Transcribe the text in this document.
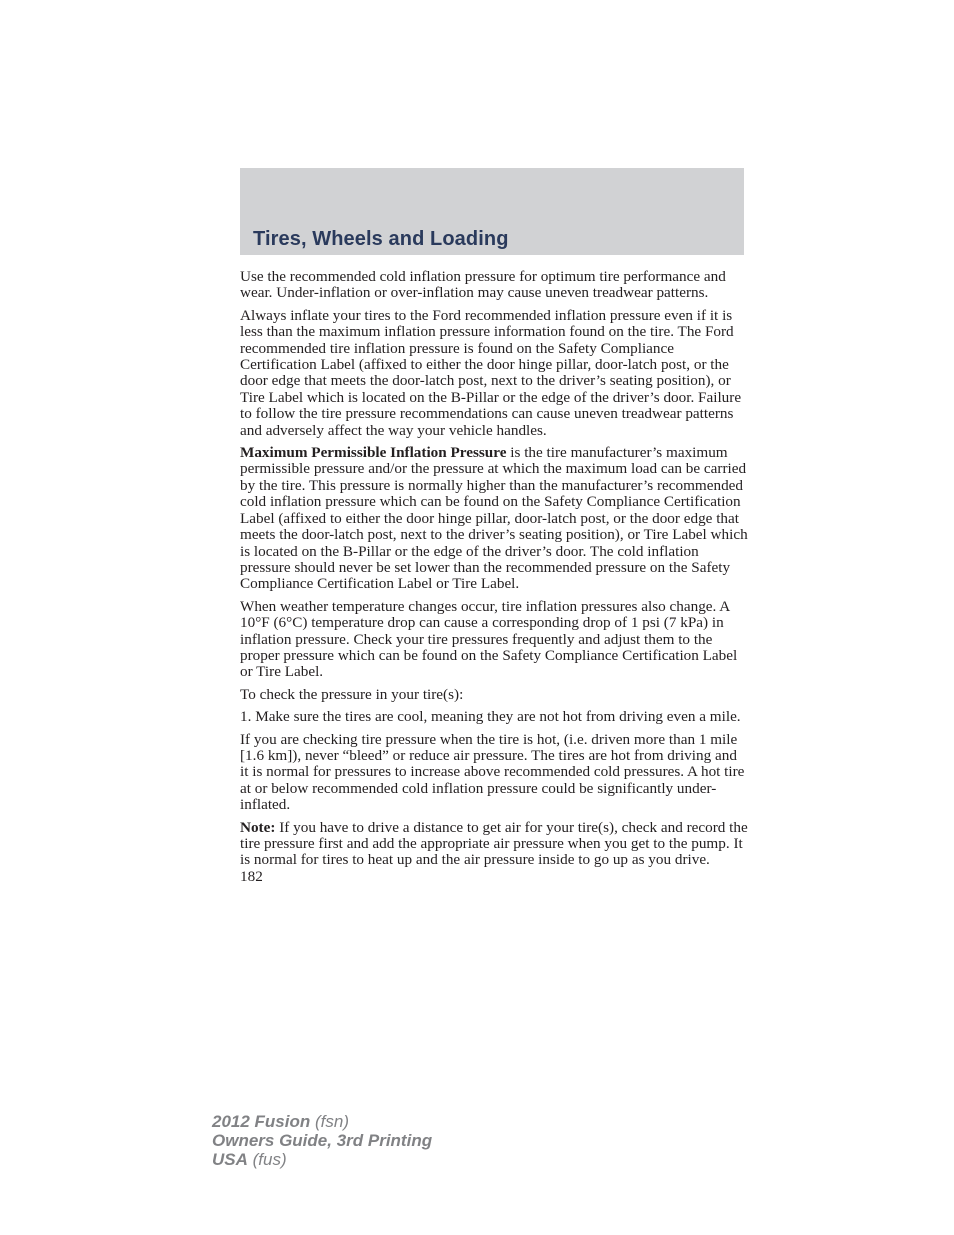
Tires, Wheels and Loading

Use the recommended cold inflation pressure for optimum tire performance and wear. Under-inflation or over-inflation may cause uneven treadwear patterns.

Always inflate your tires to the Ford recommended inflation pressure even if it is less than the maximum inflation pressure information found on the tire. The Ford recommended tire inflation pressure is found on the Safety Compliance Certification Label (affixed to either the door hinge pillar, door-latch post, or the door edge that meets the door-latch post, next to the driver’s seating position), or Tire Label which is located on the B-Pillar or the edge of the driver’s door. Failure to follow the tire pressure recommendations can cause uneven treadwear patterns and adversely affect the way your vehicle handles.

Maximum Permissible Inflation Pressure is the tire manufacturer’s maximum permissible pressure and/or the pressure at which the maximum load can be carried by the tire. This pressure is normally higher than the manufacturer’s recommended cold inflation pressure which can be found on the Safety Compliance Certification Label (affixed to either the door hinge pillar, door-latch post, or the door edge that meets the door-latch post, next to the driver’s seating position), or Tire Label which is located on the B-Pillar or the edge of the driver’s door. The cold inflation pressure should never be set lower than the recommended pressure on the Safety Compliance Certification Label or Tire Label.

When weather temperature changes occur, tire inflation pressures also change. A 10°F (6°C) temperature drop can cause a corresponding drop of 1 psi (7 kPa) in inflation pressure. Check your tire pressures frequently and adjust them to the proper pressure which can be found on the Safety Compliance Certification Label or Tire Label.

To check the pressure in your tire(s):

1. Make sure the tires are cool, meaning they are not hot from driving even a mile.

If you are checking tire pressure when the tire is hot, (i.e. driven more than 1 mile [1.6 km]), never “bleed” or reduce air pressure. The tires are hot from driving and it is normal for pressures to increase above recommended cold pressures. A hot tire at or below recommended cold inflation pressure could be significantly under-inflated.

Note: If you have to drive a distance to get air for your tire(s), check and record the tire pressure first and add the appropriate air pressure when you get to the pump. It is normal for tires to heat up and the air pressure inside to go up as you drive.

182
2012 Fusion (fsn)
Owners Guide, 3rd Printing
USA (fus)
